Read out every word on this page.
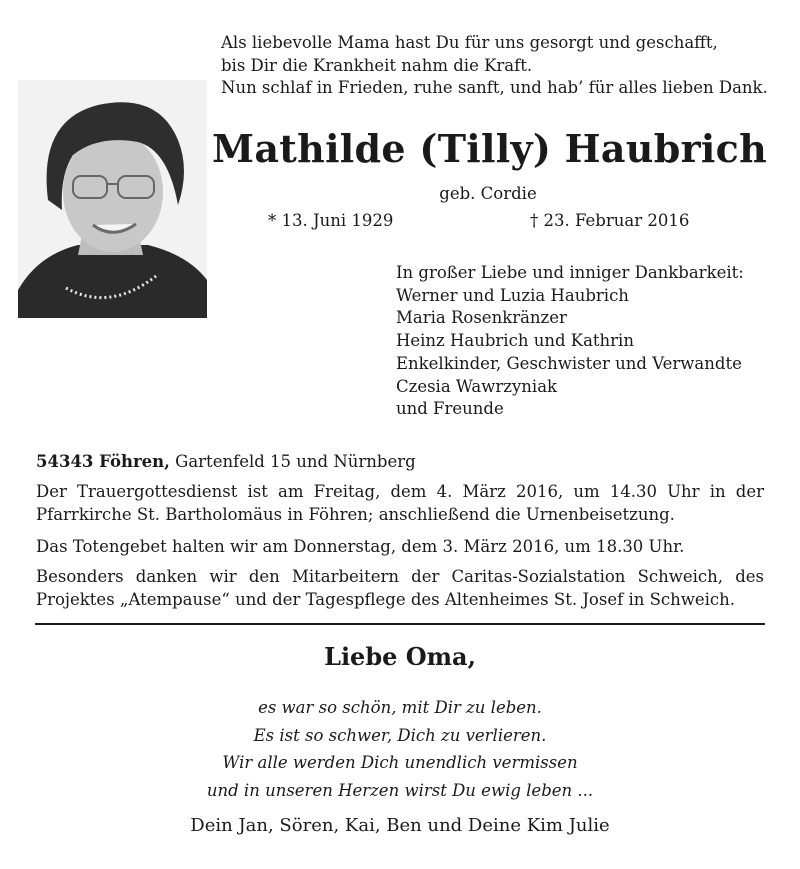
Als liebevolle Mama hast Du für uns gesorgt und geschafft,
bis Dir die Krankheit nahm die Kraft.
Nun schlaf in Frieden, ruhe sanft, und hab’ für alles lieben Dank.
Mathilde (Tilly) Haubrich
geb. Cordie
* 13. Juni 1929	† 23. Februar 2016
In großer Liebe und inniger Dankbarkeit:
Werner und Luzia Haubrich
Maria Rosenkränzer
Heinz Haubrich und Kathrin
Enkelkinder, Geschwister und Verwandte
Czesia Wawrzyniak
und Freunde
54343 Föhren, Gartenfeld 15 und Nürnberg
Der Trauergottesdienst ist am Freitag, dem 4. März 2016, um 14.30 Uhr in der Pfarrkirche St. Bartholomäus in Föhren; anschließend die Urnenbeisetzung.
Das Totengebet halten wir am Donnerstag, dem 3. März 2016, um 18.30 Uhr.
Besonders danken wir den Mitarbeitern der Caritas-Sozialstation Schweich, des Projektes „Atempause“ und der Tagespflege des Altenheimes St. Josef in Schweich.
Liebe Oma,
es war so schön, mit Dir zu leben.
Es ist so schwer, Dich zu verlieren.
Wir alle werden Dich unendlich vermissen
und in unseren Herzen wirst Du ewig leben ...
Dein Jan, Sören, Kai, Ben und Deine Kim Julie
